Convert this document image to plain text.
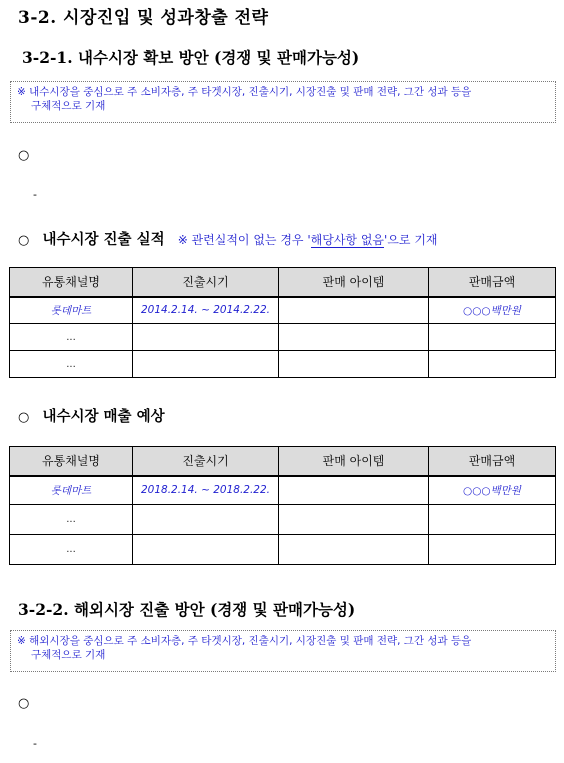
3-2. 시장진입 및 성과창출 전략
3-2-1. 내수시장 확보 방안 (경쟁 및 판매가능성)
※ 내수시장을 중심으로 주 소비자층, 주 타겟시장, 진출시기, 시장진출 및 판매 전략, 그간 성과 등을
구체적으로 기재
○
-
○ 내수시장 진출 실적 ※ 관련실적이 없는 경우 '해당사항 없음'으로 기재
유통채널명	진출시기	판매 아이템	판매금액
롯데마트	2014.2.14. ~ 2014.2.22.		○○○백만원
...			
...			
○ 내수시장 매출 예상
유통채널명	진출시기	판매 아이템	판매금액
롯데마트	2018.2.14. ~ 2018.2.22.		○○○백만원
...			
...			
3-2-2. 해외시장 진출 방안 (경쟁 및 판매가능성)
※ 해외시장을 중심으로 주 소비자층, 주 타겟시장, 진출시기, 시장진출 및 판매 전략, 그간 성과 등을
구체적으로 기재
○
-
